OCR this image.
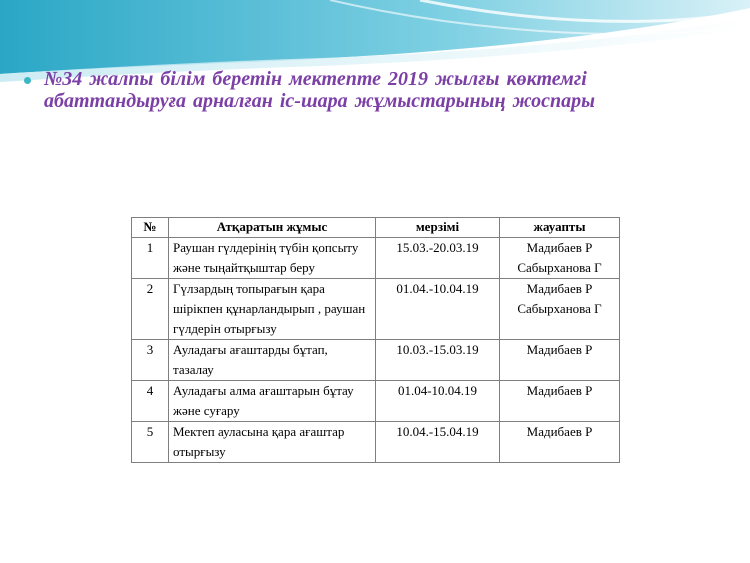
№34 жалпы білім беретін мектепте 2019 жылғы көктемгі
абаттандыруға арналған іс-шара жұмыстарының жоспары
№	Атқаратын жұмыс	мерзімі	жауапты
1	Раушан гүлдерінің түбін қопсыту және тыңайтқыштар беру	15.03.-20.03.19	Мадибаев Р
Сабырханова Г

2	Гүлзардың топырағын қара шірікпен құнарландырып , раушан гүлдерін отырғызу	01.04.-10.04.19	Мадибаев Р
Сабырханова Г

3	Ауладағы ағаштарды бұтап, тазалау	10.03.-15.03.19	Мадибаев Р

4	Ауладағы алма ағаштарын бұтау және суғару	01.04-10.04.19	Мадибаев Р

5	Мектеп ауласына қара ағаштар отырғызу	10.04.-15.04.19	Мадибаев Р
